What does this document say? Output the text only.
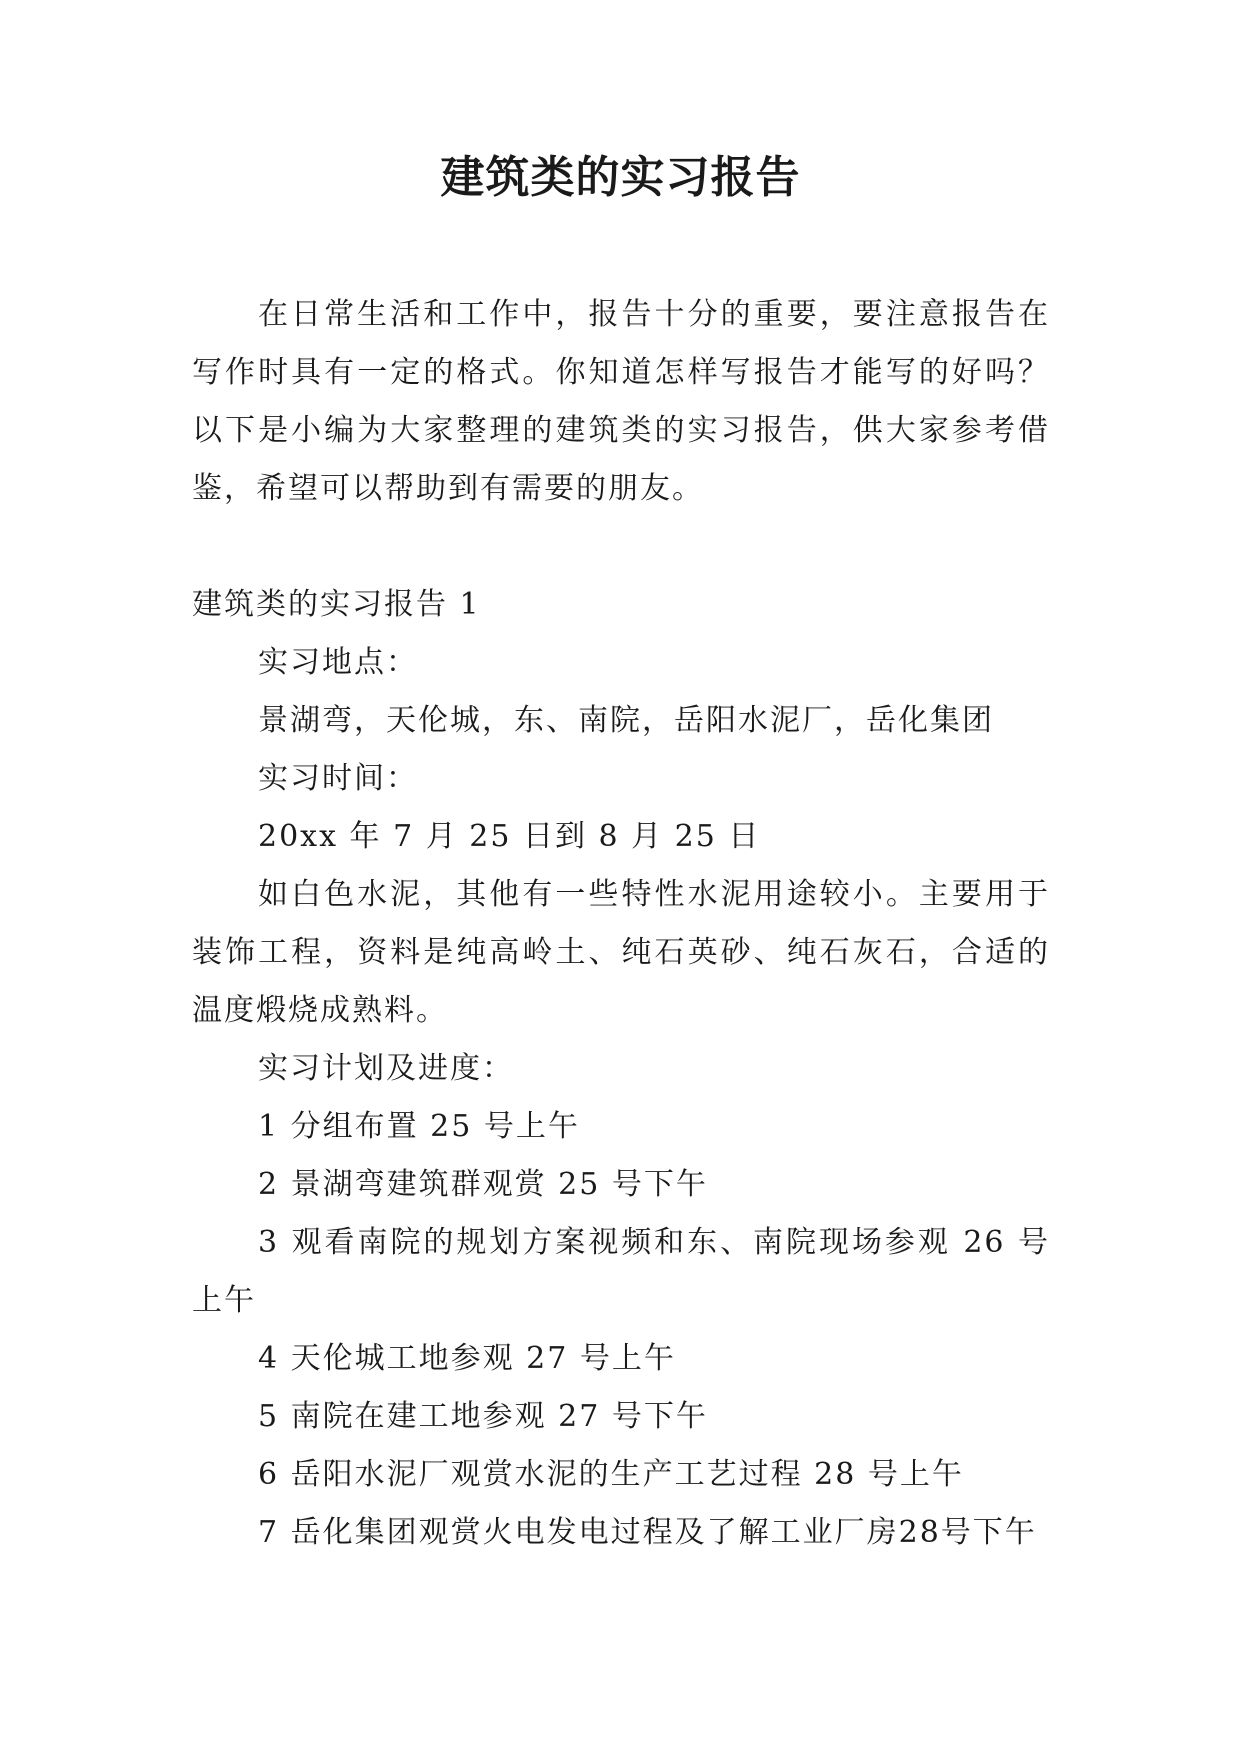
建筑类的实习报告

在日常生活和工作中，报告十分的重要，要注意报告在写作时具有一定的格式。你知道怎样写报告才能写的好吗？以下是小编为大家整理的建筑类的实习报告，供大家参考借鉴，希望可以帮助到有需要的朋友。

建筑类的实习报告 1

实习地点：

景湖弯，天伦城，东、南院，岳阳水泥厂，岳化集团

实习时间：

20xx 年 7 月 25 日到 8 月 25 日

如白色水泥，其他有一些特性水泥用途较小。主要用于装饰工程，资料是纯高岭土、纯石英砂、纯石灰石，合适的温度煅烧成熟料。

实习计划及进度：

1 分组布置 25 号上午

2 景湖弯建筑群观赏 25 号下午

3 观看南院的规划方案视频和东、南院现场参观 26 号上午

4 天伦城工地参观 27 号上午

5 南院在建工地参观 27 号下午

6 岳阳水泥厂观赏水泥的生产工艺过程 28 号上午

7 岳化集团观赏火电发电过程及了解工业厂房28号下午
